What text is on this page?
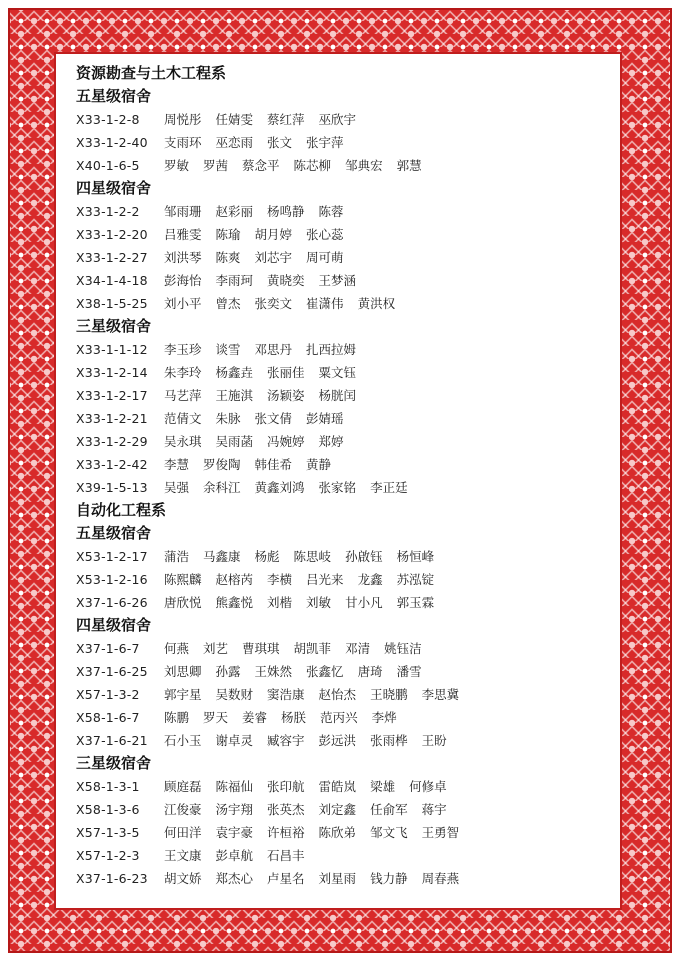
资源勘查与土木工程系
五星级宿舍
X33-1-2-8 周悦彤 任婧雯 蔡红萍 巫欣宇
X33-1-2-40 支雨环 巫恋雨 张文 张宇萍
X40-1-6-5 罗敏 罗茜 蔡念平 陈芯柳 邹典宏 郭慧
四星级宿舍
X33-1-2-2 邹雨珊 赵彩丽 杨鸣静 陈蓉
X33-1-2-20 吕雅雯 陈瑜 胡月婷 张心蕊
X33-1-2-27 刘洪琴 陈爽 刘芯宇 周可萌
X34-1-4-18 彭海怡 李雨珂 黄晓奕 王梦涵
X38-1-5-25 刘小平 曾杰 张奕文 崔潇伟 黄洪权
三星级宿舍
X33-1-1-12 李玉珍 谈雪 邓思丹 扎西拉姆
X33-1-2-14 朱李玲 杨鑫垚 张丽佳 粟文钰
X33-1-2-17 马艺萍 王施淇 汤颖姿 杨胱闰
X33-1-2-21 范倩文 朱脉 张文倩 彭婧瑶
X33-1-2-29 吴永琪 吴雨菡 冯婉婷 郑婷
X33-1-2-42 李慧 罗俊陶 韩佳希 黄静
X39-1-5-13 吴强 余科江 黄鑫刘鸿 张家铭 李正廷
自动化工程系
五星级宿舍
X53-1-2-17 蒲浩 马鑫康 杨彪 陈思岐 孙啟钰 杨恒峰
X53-1-2-16 陈熙麟 赵榕芮 李横 吕光来 龙鑫 苏泓锭
X37-1-6-26 唐欣悦 熊鑫悦 刘楷 刘敏 甘小凡 郭玉霖
四星级宿舍
X37-1-6-7 何燕 刘艺 曹琪琪 胡凯菲 邓清 姚钰洁
X37-1-6-25 刘思卿 孙露 王姝然 张鑫忆 唐琦 潘雪
X57-1-3-2 郭宇星 吴数财 窦浩康 赵怡杰 王晓鹏 李思冀
X58-1-6-7 陈鹏 罗天 姜睿 杨朕 范丙兴 李烨
X37-1-6-21 石小玉 谢卓灵 臧容宇 彭远洪 张雨桦 王盼
三星级宿舍
X58-1-3-1 顾庭磊 陈福仙 张印航 雷皓岚 梁雄 何修卓
X58-1-3-6 江俊豪 汤宇翔 张英杰 刘定鑫 任俞军 蒋宇
X57-1-3-5 何田洋 袁宇豪 许桓裕 陈欣弟 邹文飞 王勇智
X57-1-2-3 王文康 彭卓航 石昌丰
X37-1-6-23 胡文娇 郑杰心 卢星名 刘星雨 钱力静 周春燕
